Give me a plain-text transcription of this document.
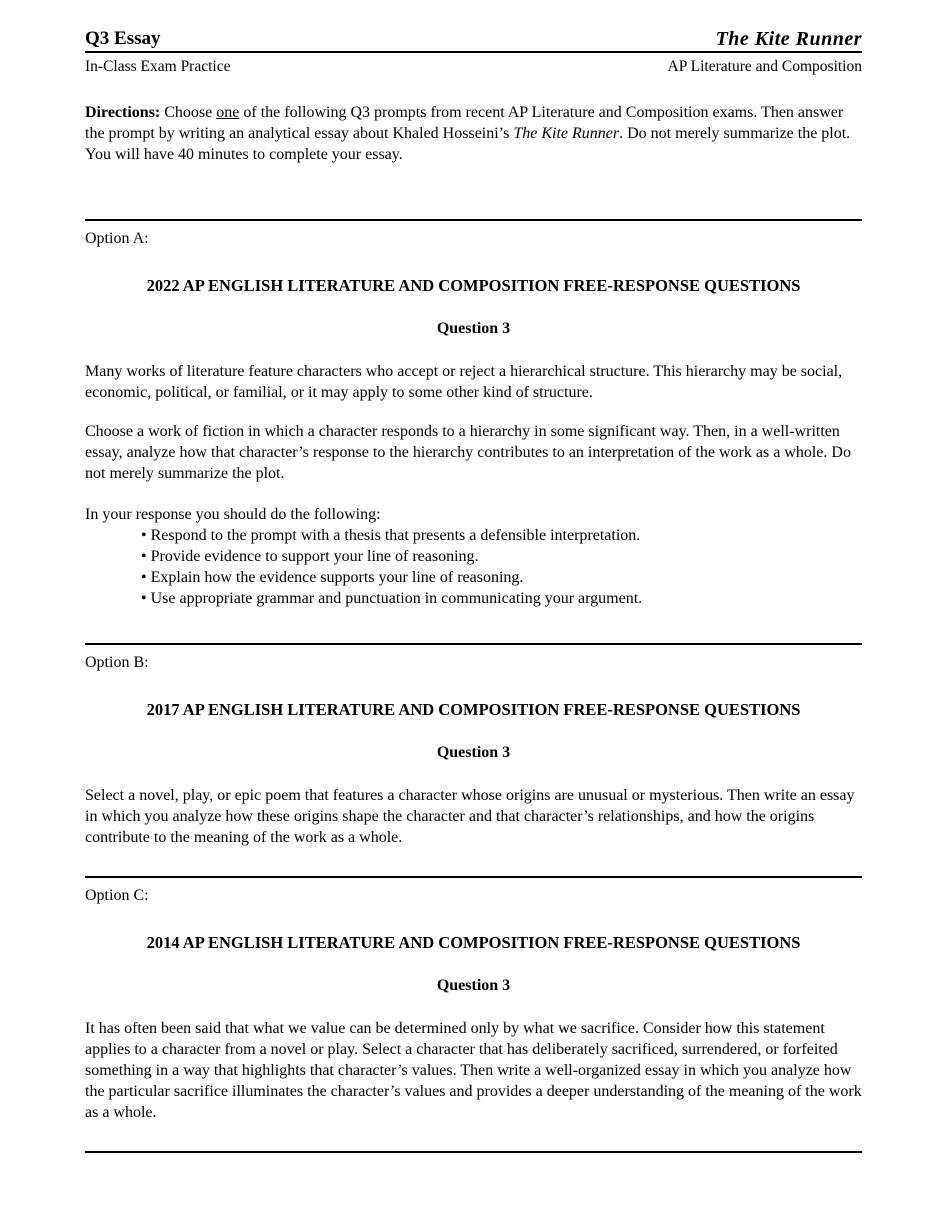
Q3 Essay	The Kite Runner
In-Class Exam Practice	AP Literature and Composition

Directions: Choose one of the following Q3 prompts from recent AP Literature and Composition exams. Then answer the prompt by writing an analytical essay about Khaled Hosseini’s The Kite Runner. Do not merely summarize the plot. You will have 40 minutes to complete your essay.

Option A:

2022 AP ENGLISH LITERATURE AND COMPOSITION FREE-RESPONSE QUESTIONS

Question 3

Many works of literature feature characters who accept or reject a hierarchical structure. This hierarchy may be social, economic, political, or familial, or it may apply to some other kind of structure.

Choose a work of fiction in which a character responds to a hierarchy in some significant way. Then, in a well-written essay, analyze how that character’s response to the hierarchy contributes to an interpretation of the work as a whole. Do not merely summarize the plot.

In your response you should do the following:

• Respond to the prompt with a thesis that presents a defensible interpretation.
• Provide evidence to support your line of reasoning.
• Explain how the evidence supports your line of reasoning.
• Use appropriate grammar and punctuation in communicating your argument.

Option B:

2017 AP ENGLISH LITERATURE AND COMPOSITION FREE-RESPONSE QUESTIONS

Question 3

Select a novel, play, or epic poem that features a character whose origins are unusual or mysterious. Then write an essay in which you analyze how these origins shape the character and that character’s relationships, and how the origins contribute to the meaning of the work as a whole.

Option C:

2014 AP ENGLISH LITERATURE AND COMPOSITION FREE-RESPONSE QUESTIONS

Question 3

It has often been said that what we value can be determined only by what we sacrifice. Consider how this statement applies to a character from a novel or play. Select a character that has deliberately sacrificed, surrendered, or forfeited something in a way that highlights that character’s values. Then write a well-organized essay in which you analyze how the particular sacrifice illuminates the character’s values and provides a deeper understanding of the meaning of the work as a whole.
